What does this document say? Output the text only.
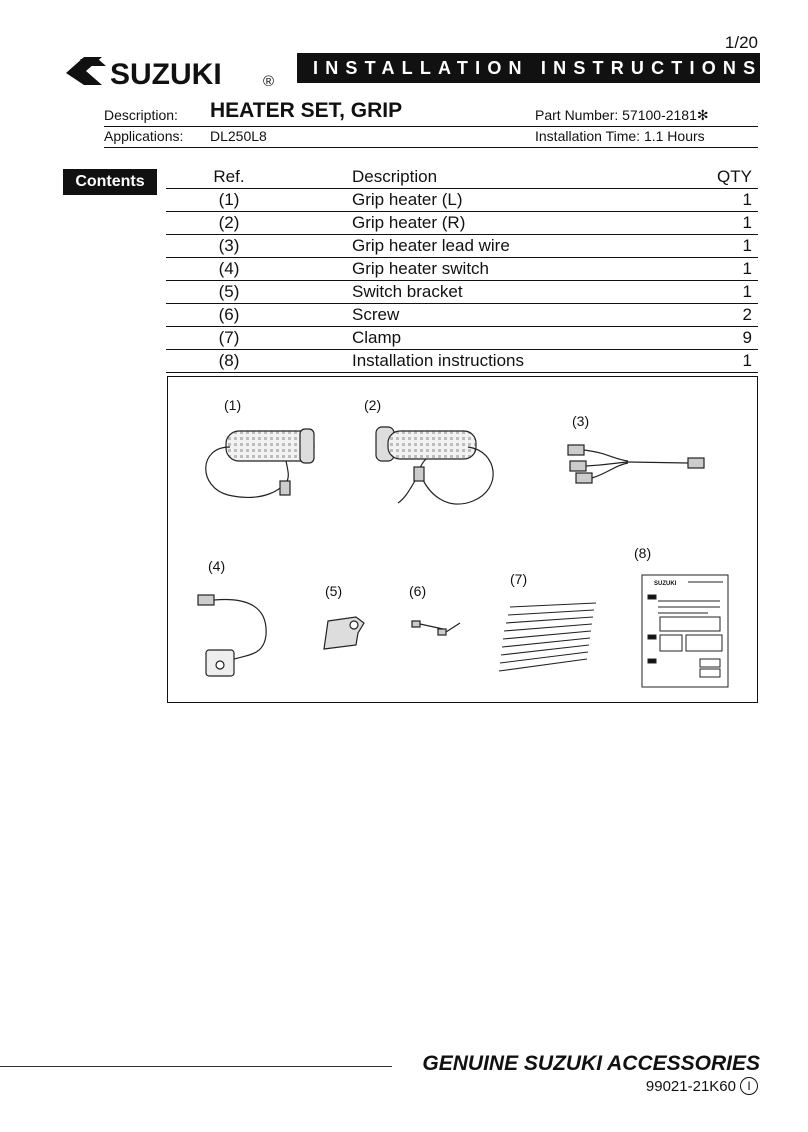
1/20
SUZUKI	®
INSTALLATION INSTRUCTIONS
Description: HEATER SET, GRIP	Part Number: 57100-2181✻
Applications: DL250L8	Installation Time: 1.1 Hours
Contents	Ref.	Description	QTY
(1)	Grip heater (L)	1
(2)	Grip heater (R)	1
(3)	Grip heater lead wire	1
(4)	Grip heater switch	1
(5)	Switch bracket	1
(6)	Screw	2
(7)	Clamp	9
(8)	Installation instructions	1
(1)	(2)
(3)
(4)
(5)	(6)
(7)
(8)
SUZUKI
GENUINE SUZUKI ACCESSORIES
99021-21K60 I
